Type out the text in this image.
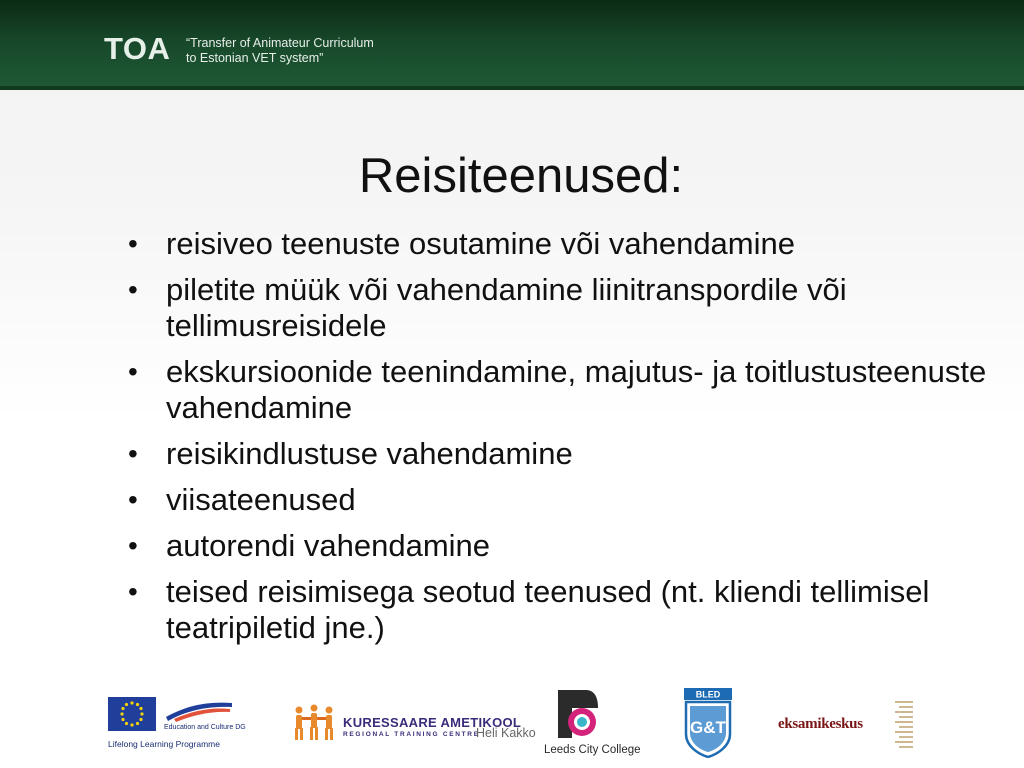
TOA “Transfer of Animateur Curriculum
to Estonian VET system”
Reisiteenused:
• reisiveo teenuste osutamine või vahendamine
• piletite müük või vahendamine liinitranspordile või tellimusreisidele
• ekskursioonide teenindamine, majutus- ja toitlustusteenuste vahendamine
• reisikindlustuse vahendamine
• viisateenused
• autorendi vahendamine
• teised reisimisega seotud teenused (nt. kliendi tellimisel teatripiletid jne.)
Education and Culture DG
Lifelong Learning Programme
KURESSAARE AMETIKOOL
REGIONAL TRAINING CENTRE
Heli Kakko
Leeds City College
BLED
G&T	eksamikeskus
